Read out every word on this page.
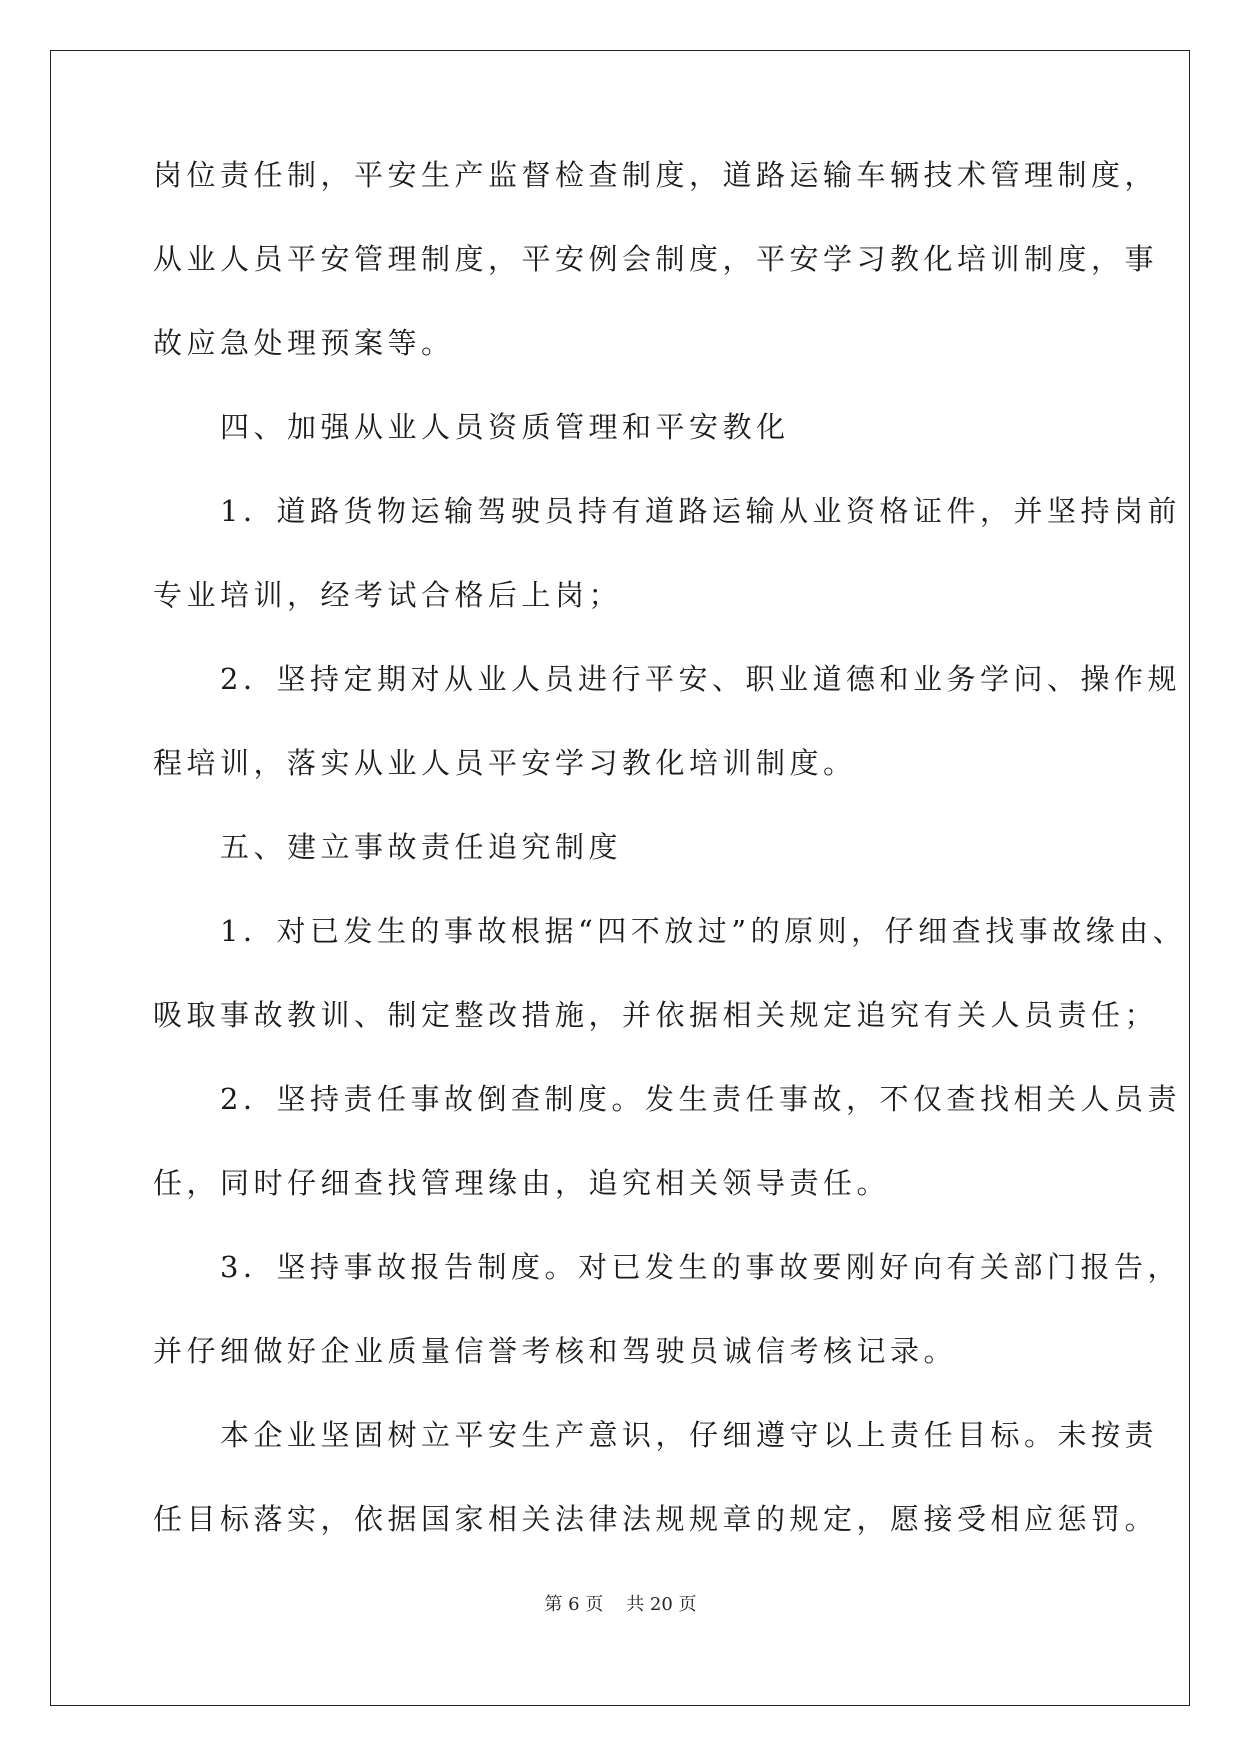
岗位责任制，平安生产监督检查制度，道路运输车辆技术管理制度，
从业人员平安管理制度，平安例会制度，平安学习教化培训制度，事
故应急处理预案等。
　　四、加强从业人员资质管理和平安教化
　　1．道路货物运输驾驶员持有道路运输从业资格证件，并坚持岗前
专业培训，经考试合格后上岗；
　　2．坚持定期对从业人员进行平安、职业道德和业务学问、操作规
程培训，落实从业人员平安学习教化培训制度。
　　五、建立事故责任追究制度
　　1．对已发生的事故根据“四不放过”的原则，仔细查找事故缘由、
吸取事故教训、制定整改措施，并依据相关规定追究有关人员责任；
　　2．坚持责任事故倒查制度。发生责任事故，不仅查找相关人员责
任，同时仔细查找管理缘由，追究相关领导责任。
　　3．坚持事故报告制度。对已发生的事故要刚好向有关部门报告，
并仔细做好企业质量信誉考核和驾驶员诚信考核记录。
　　本企业坚固树立平安生产意识，仔细遵守以上责任目标。未按责
任目标落实，依据国家相关法律法规规章的规定，愿接受相应惩罚。
第 6 页    共 20 页
